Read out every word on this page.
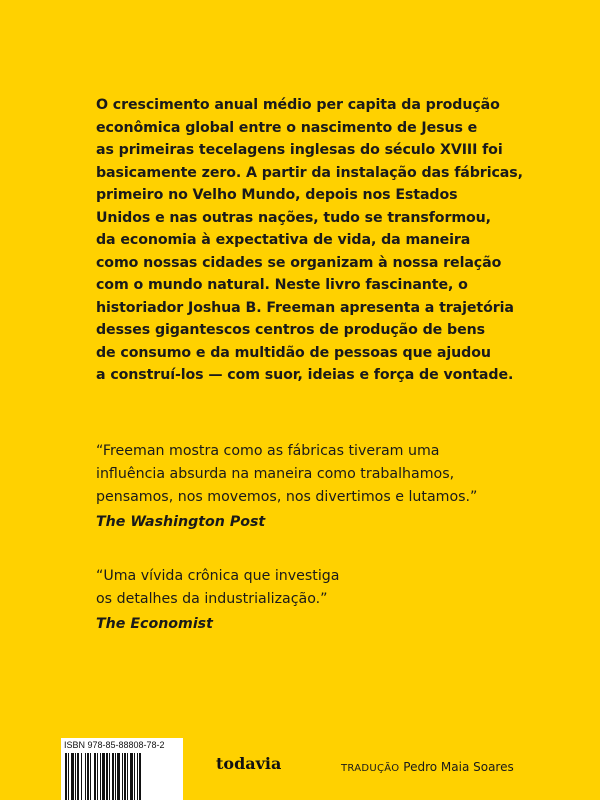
O crescimento anual médio per capita da produção
econômica global entre o nascimento de Jesus e
as primeiras tecelagens inglesas do século XVIII foi
basicamente zero. A partir da instalação das fábricas,
primeiro no Velho Mundo, depois nos Estados
Unidos e nas outras nações, tudo se transformou,
da economia à expectativa de vida, da maneira
como nossas cidades se organizam à nossa relação
com o mundo natural. Neste livro fascinante, o
historiador Joshua B. Freeman apresenta a trajetória
desses gigantescos centros de produção de bens
de consumo e da multidão de pessoas que ajudou
a construí-los — com suor, ideias e força de vontade.
“Freeman mostra como as fábricas tiveram uma
influência absurda na maneira como trabalhamos,
pensamos, nos movemos, nos divertimos e lutamos.”
The Washington Post
“Uma vívida crônica que investiga
os detalhes da industrialização.”
The Economist
ISBN 978-85-88808-78-2
todavia	TRADUÇÃO Pedro Maia Soares
